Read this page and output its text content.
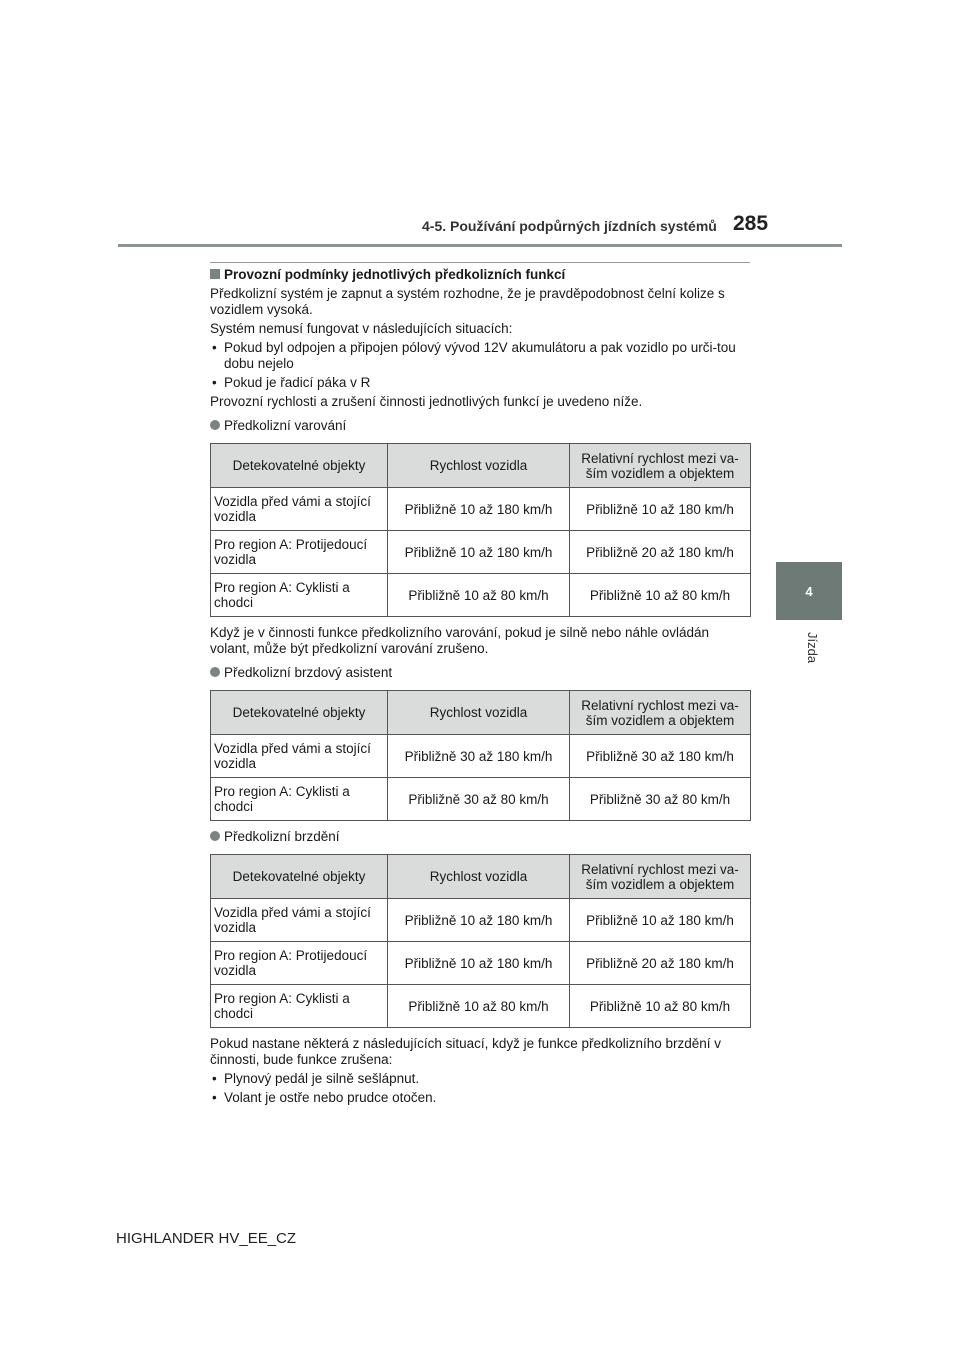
4-5. Používání podpůrných jízdních systémů 285
4
Jízda
Provozní podmínky jednotlivých předkolizních funkcí

Předkolizní systém je zapnut a systém rozhodne, že je pravděpodobnost čelní kolize s vozidlem vysoká.

Systém nemusí fungovat v následujících situacích:

• Pokud byl odpojen a připojen pólový vývod 12V akumulátoru a pak vozidlo po urči-tou dobu nejelo
• Pokud je řadicí páka v R

Provozní rychlosti a zrušení činnosti jednotlivých funkcí je uvedeno níže.

Předkolizní varování
Detekovatelné objekty	Rychlost vozidla	Relativní rychlost mezi va-ším vozidlem a objektem
Vozidla před vámi a stojící vozidla	Přibližně 10 až 180 km/h	Přibližně 10 až 180 km/h
Pro region A: Protijedoucí vozidla	Přibližně 10 až 180 km/h	Přibližně 20 až 180 km/h
Pro region A: Cyklisti a chodci	Přibližně 10 až 80 km/h	Přibližně 10 až 80 km/h

Když je v činnosti funkce předkolizního varování, pokud je silně nebo náhle ovládán volant, může být předkolizní varování zrušeno.

Předkolizní brzdový asistent
Detekovatelné objekty	Rychlost vozidla	Relativní rychlost mezi va-ším vozidlem a objektem
Vozidla před vámi a stojící vozidla	Přibližně 30 až 180 km/h	Přibližně 30 až 180 km/h
Pro region A: Cyklisti a chodci	Přibližně 30 až 80 km/h	Přibližně 30 až 80 km/h
Předkolizní brzdění
Detekovatelné objekty	Rychlost vozidla	Relativní rychlost mezi va-ším vozidlem a objektem
Vozidla před vámi a stojící vozidla	Přibližně 10 až 180 km/h	Přibližně 10 až 180 km/h
Pro region A: Protijedoucí vozidla	Přibližně 10 až 180 km/h	Přibližně 20 až 180 km/h
Pro region A: Cyklisti a chodci	Přibližně 10 až 80 km/h	Přibližně 10 až 80 km/h

Pokud nastane některá z následujících situací, když je funkce předkolizního brzdění v činnosti, bude funkce zrušena:

• Plynový pedál je silně sešlápnut.
• Volant je ostře nebo prudce otočen.
HIGHLANDER HV_EE_CZ
